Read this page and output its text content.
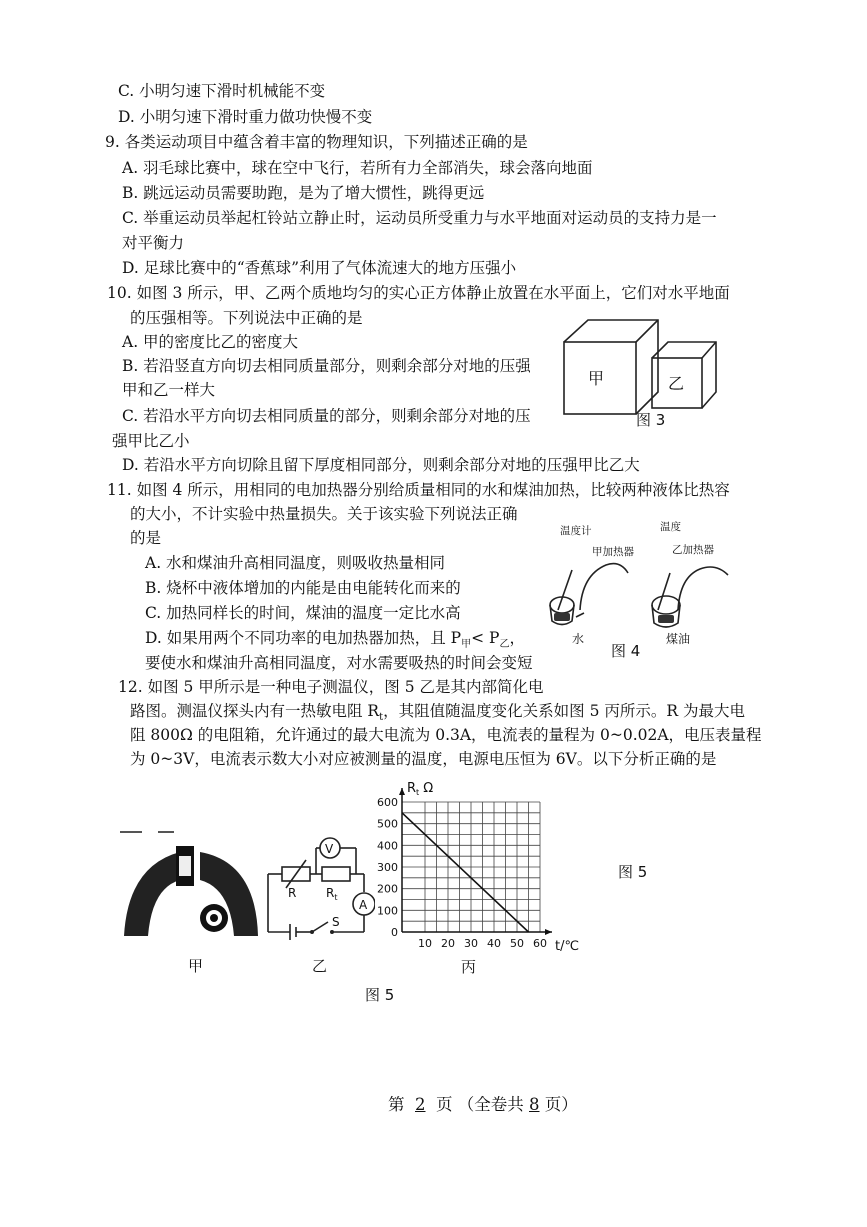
C. 小明匀速下滑时机械能不变
D. 小明匀速下滑时重力做功快慢不变
9. 各类运动项目中蕴含着丰富的物理知识，下列描述正确的是
A. 羽毛球比赛中，球在空中飞行，若所有力全部消失，球会落向地面
B. 跳远运动员需要助跑，是为了增大惯性，跳得更远
C. 举重运动员举起杠铃站立静止时，运动员所受重力与水平地面对运动员的支持力是一
对平衡力
D. 足球比赛中的“香蕉球”利用了气体流速大的地方压强小
10. 如图 3 所示，甲、乙两个质地均匀的实心正方体静止放置在水平面上，它们对水平地面
的压强相等。下列说法中正确的是
A. 甲的密度比乙的密度大
B. 若沿竖直方向切去相同质量部分，则剩余部分对地的压强
甲和乙一样大
C. 若沿水平方向切去相同质量的部分，则剩余部分对地的压
强甲比乙小
D. 若沿水平方向切除且留下厚度相同部分，则剩余部分对地的压强甲比乙大
甲	乙
图 3
11. 如图 4 所示，用相同的电加热器分别给质量相同的水和煤油加热，比较两种液体比热容
的大小，不计实验中热量损失。关于该实验下列说法正确
的是
A. 水和煤油升高相同温度，则吸收热量相同
B. 烧杯中液体增加的内能是由电能转化而来的
C. 加热同样长的时间，煤油的温度一定比水高
D. 如果用两个不同功率的电加热器加热，且 $P_甲< P_乙$，
要使水和煤油升高相同温度，对水需要吸热的时间会变短
温度计
甲加热器
温度
乙加热器
水	煤油
图 4
12. 如图 5 甲所示是一种电子测温仪，图 5 乙是其内部简化电
路图。测温仪探头内有一热敏电阻 $R_t$，其阻值随温度变化关系如图 5 丙所示。R 为最大电
阻 800Ω 的电阻箱，允许通过的最大电流为 0.3A，电流表的量程为 0~0.02A，电压表量程
为 0~3V，电流表示数大小对应被测量的温度，电源电压恒为 6V。以下分析正确的是
甲
V
A
R $R_t$
S
乙
0
10 20 30 40 50 60
100
200
300
400
500
600
$R_t$ Ω
t/℃
丙
图 5
图 5
第 2 页 （全卷共 8 页）
